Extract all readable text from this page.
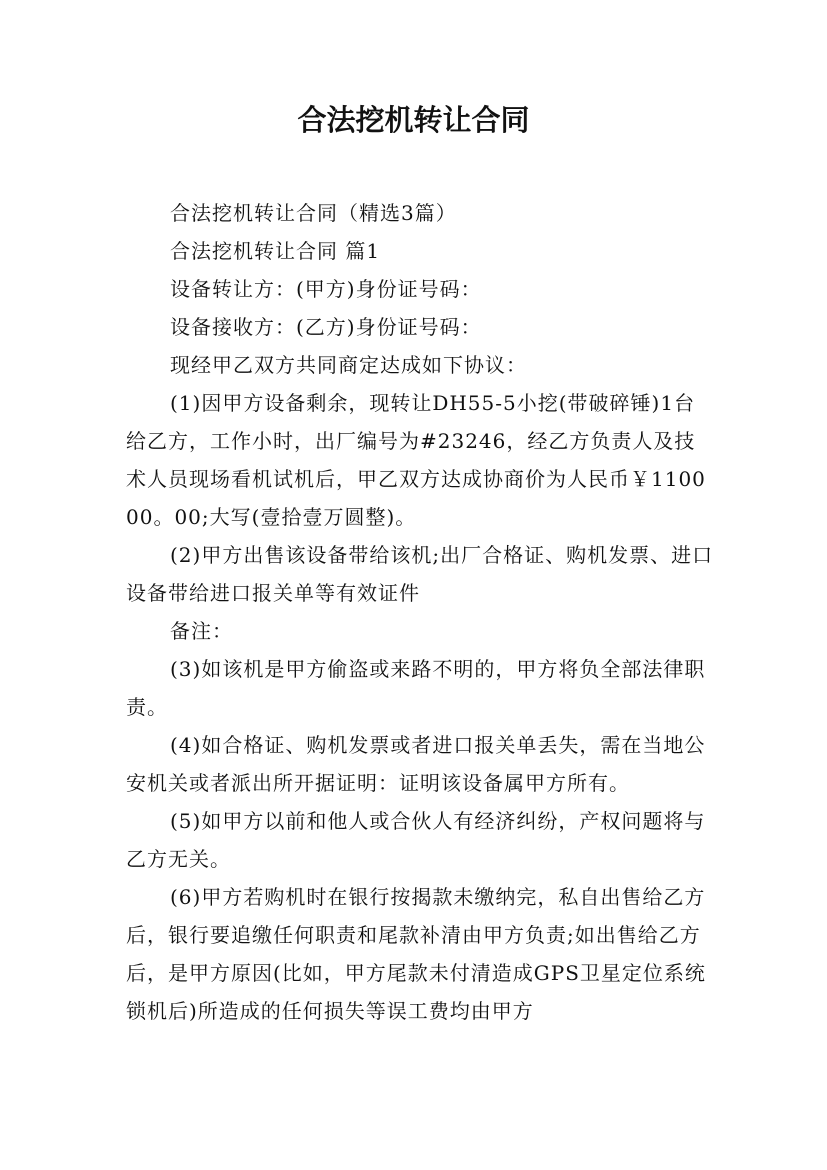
合法挖机转让合同

合法挖机转让合同（精选3篇）

合法挖机转让合同 篇1

设备转让方：(甲方)身份证号码：

设备接收方：(乙方)身份证号码：

现经甲乙双方共同商定达成如下协议：

(1)因甲方设备剩余，现转让DH55-5小挖(带破碎锤)1台给乙方，工作小时，出厂编号为#23246，经乙方负责人及技术人员现场看机试机后，甲乙双方达成协商价为人民币￥110000。00;大写(壹拾壹万圆整)。

(2)甲方出售该设备带给该机;出厂合格证、购机发票、进口设备带给进口报关单等有效证件

备注：

(3)如该机是甲方偷盗或来路不明的，甲方将负全部法律职责。

(4)如合格证、购机发票或者进口报关单丢失，需在当地公安机关或者派出所开据证明：证明该设备属甲方所有。

(5)如甲方以前和他人或合伙人有经济纠纷，产权问题将与乙方无关。

(6)甲方若购机时在银行按揭款未缴纳完，私自出售给乙方后，银行要追缴任何职责和尾款补清由甲方负责;如出售给乙方后，是甲方原因(比如，甲方尾款未付清造成GPS卫星定位系统锁机后)所造成的任何损失等误工费均由甲方
